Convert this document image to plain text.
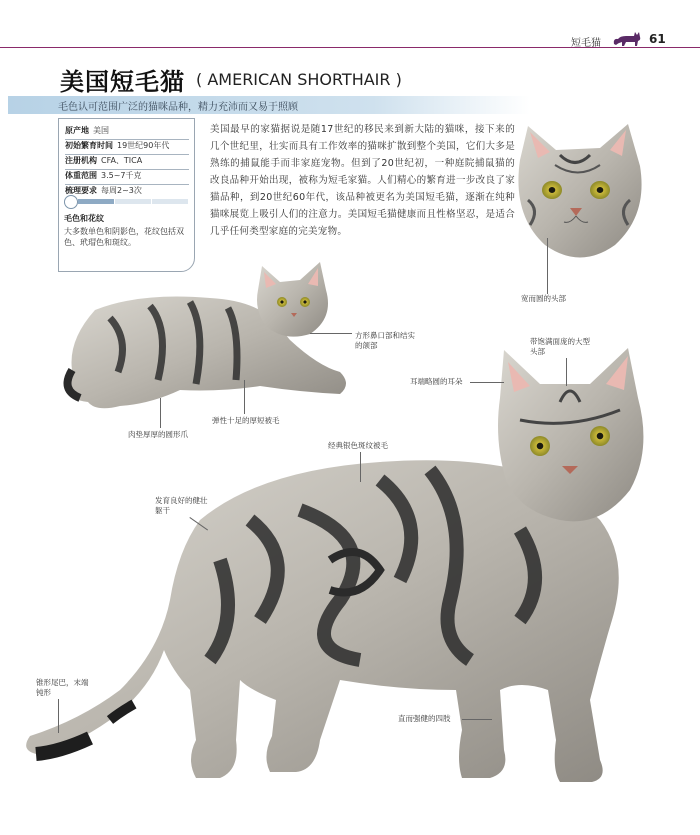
短毛猫	61
美国短毛猫 ( AMERICAN SHORTHAIR )
毛色认可范围广泛的猫咪品种，精力充沛而又易于照顾
原产地 美国
初始繁育时间 19世纪90年代
注册机构 CFA、TICA
体重范围 3.5~7千克
梳理要求 每周2~3次
毛色和花纹
大多数单色和阴影色，花纹包括双色、玳瑁色和斑纹。
美国最早的家猫据说是随17世纪的移民来到新大陆的猫咪，接下来的几个世纪里，壮实而具有工作效率的猫咪扩散到整个美国，它们大多是熟练的捕鼠能手而非家庭宠物。但到了20世纪初，一种庭院捕鼠猫的改良品种开始出现，被称为短毛家猫。人们精心的繁育进一步改良了家猫品种，到20世纪60年代，该品种被更名为美国短毛猫，逐渐在纯种猫咪展览上吸引人们的注意力。美国短毛猫健康而且性格坚忍，是适合几乎任何类型家庭的完美宠物。
宽而圆的头部
方形鼻口部和结实的颌部
弹性十足的厚短被毛
肉垫厚厚的圆形爪
带饱满面庞的大型
头部
耳端略圆的耳朵
经典银色斑纹被毛
发育良好的健壮
躯干
锥形尾巴，末端
钝形
直而强健的四肢
